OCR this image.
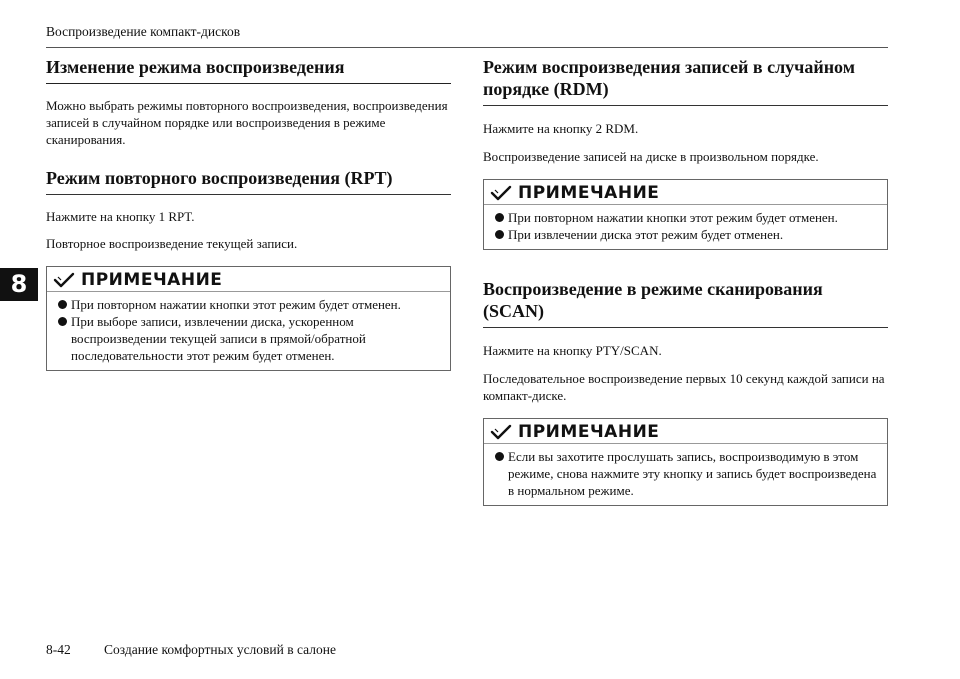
Воспроизведение компакт-дисков
8
Изменение режима воспроизведения

Можно выбрать режимы повторного воспроизведения, воспроизведения записей в случайном порядке или воспроизведения в режиме сканирования.

Режим повторного воспроизведения (RPT)

Нажмите на кнопку 1 RPT.

Повторное воспроизведение текущей записи.

ПРИМЕЧАНИЕ
При повторном нажатии кнопки этот режим будет отменен.
При выборе записи, извлечении диска, ускоренном воспроизведении текущей записи в прямой/обратной последовательности этот режим будет отменен.
Режим воспроизведения записей в случайном порядке (RDM)

Нажмите на кнопку 2 RDM.

Воспроизведение записей на диске в произвольном порядке.

ПРИМЕЧАНИЕ
При повторном нажатии кнопки этот режим будет отменен.
При извлечении диска этот режим будет отменен.
Воспроизведение в режиме сканирования (SCAN)

Нажмите на кнопку PTY/SCAN.

Последовательное воспроизведение первых 10 секунд каждой записи на компакт-диске.

ПРИМЕЧАНИЕ
Если вы захотите прослушать запись, воспроизводимую в этом режиме, снова нажмите эту кнопку и запись будет воспроизведена в нормальном режиме.
8-42 Создание комфортных условий в салоне
